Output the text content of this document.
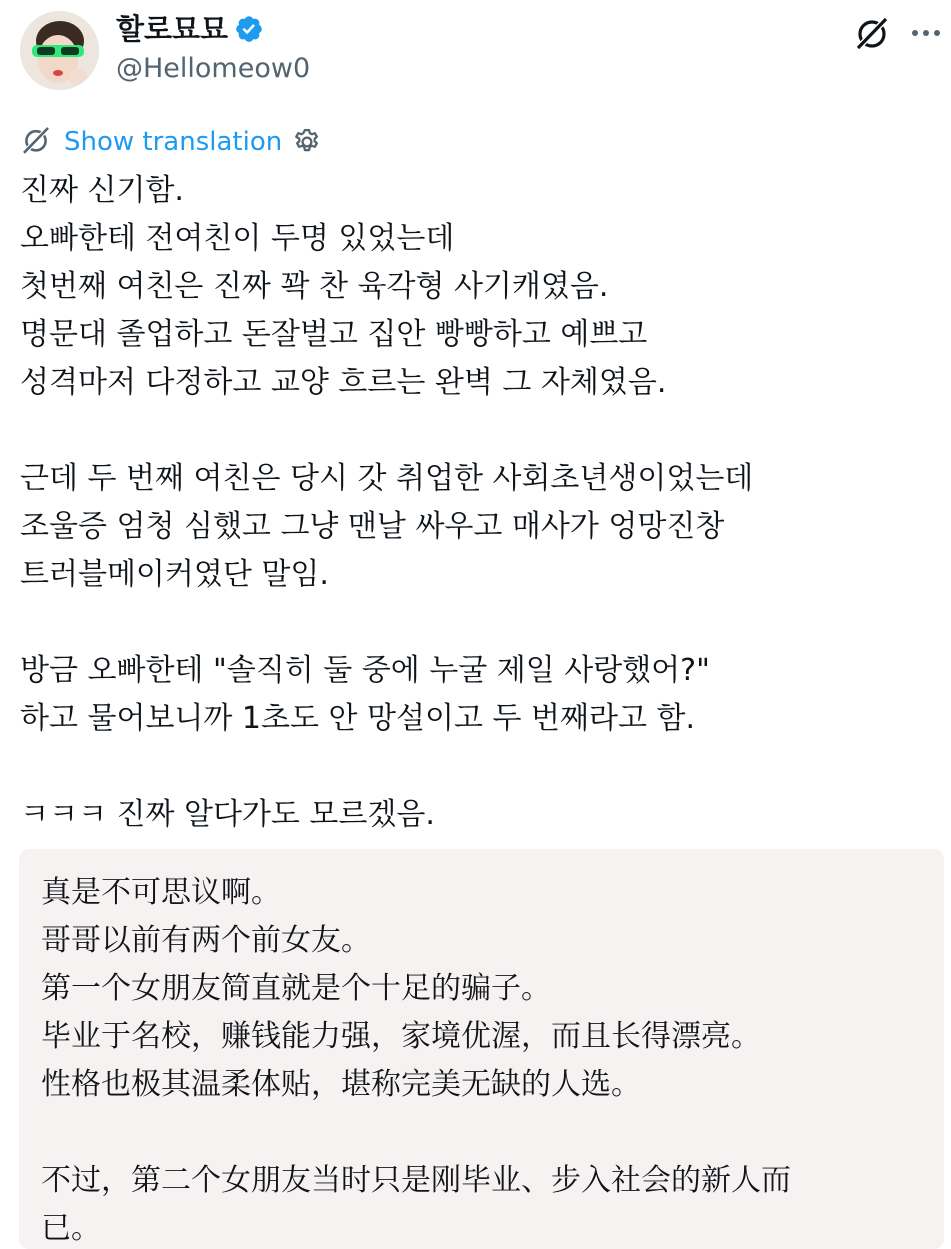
할로묘묘
@Hellomeow0
Show translation
진짜 신기함.
오빠한테 전여친이 두명 있었는데
첫번째 여친은 진짜 꽉 찬 육각형 사기캐였음.
명문대 졸업하고 돈잘벌고 집안 빵빵하고 예쁘고
성격마저 다정하고 교양 흐르는 완벽 그 자체였음.

근데 두 번째 여친은 당시 갓 취업한 사회초년생이었는데
조울증 엄청 심했고 그냥 맨날 싸우고 매사가 엉망진창
트러블메이커였단 말임.

방금 오빠한테 "솔직히 둘 중에 누굴 제일 사랑했어?"
하고 물어보니까 1초도 안 망설이고 두 번째라고 함.

ㅋㅋㅋ 진짜 알다가도 모르겠음.
真是不可思议啊。
哥哥以前有两个前女友。
第一个女朋友简直就是个十足的骗子。
毕业于名校，赚钱能力强，家境优渥，而且长得漂亮。
性格也极其温柔体贴，堪称完美无缺的人选。

不过，第二个女朋友当时只是刚毕业、步入社会的新人而
已。
